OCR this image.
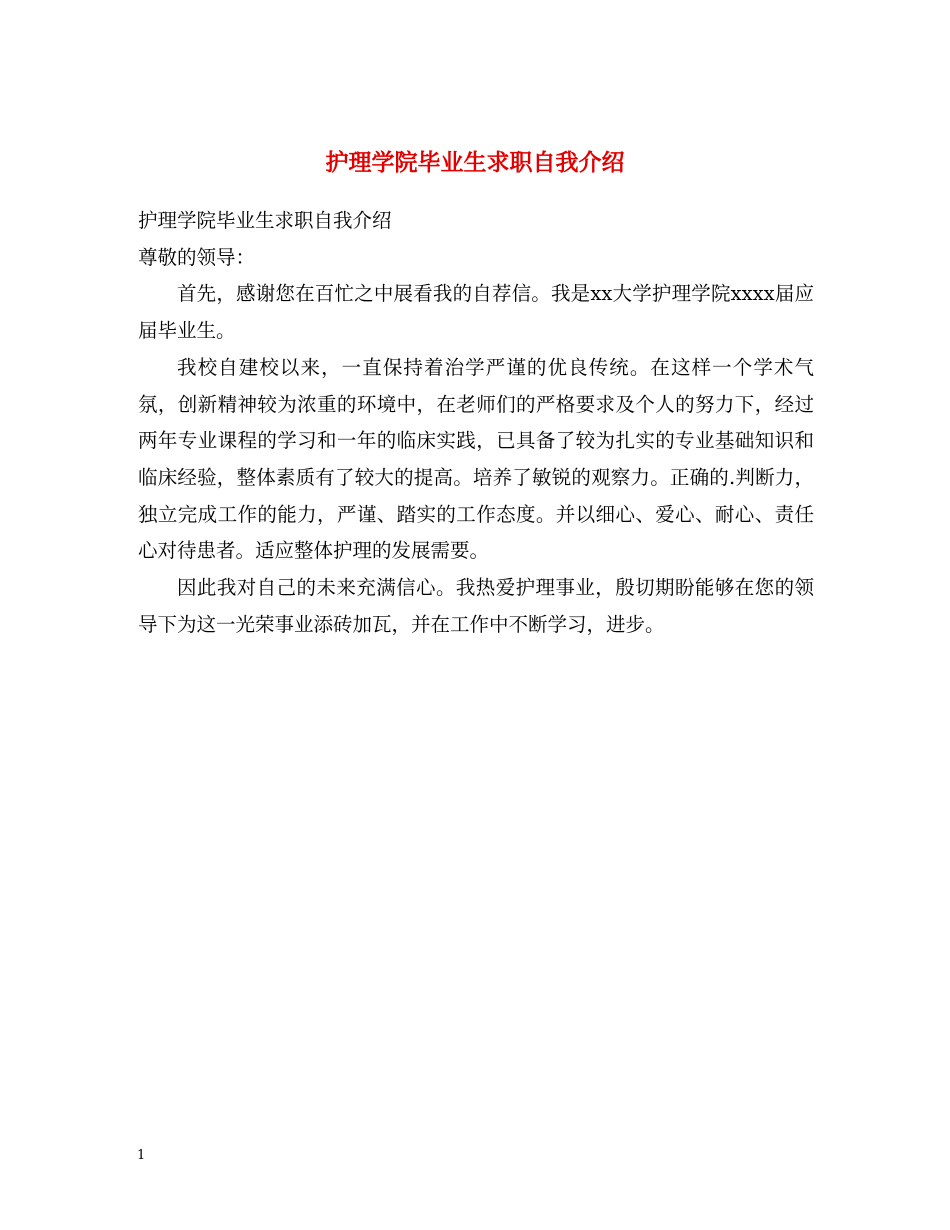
护理学院毕业生求职自我介绍

护理学院毕业生求职自我介绍

尊敬的领导：

首先，感谢您在百忙之中展看我的自荐信。我是xx大学护理学院xxxx届应届毕业生。

我校自建校以来，一直保持着治学严谨的优良传统。在这样一个学术气氛，创新精神较为浓重的环境中，在老师们的严格要求及个人的努力下，经过两年专业课程的学习和一年的临床实践，已具备了较为扎实的专业基础知识和临床经验，整体素质有了较大的提高。培养了敏锐的观察力。正确的.判断力，独立完成工作的能力，严谨、踏实的工作态度。并以细心、爱心、耐心、责任心对待患者。适应整体护理的发展需要。

因此我对自己的未来充满信心。我热爱护理事业，殷切期盼能够在您的领导下为这一光荣事业添砖加瓦，并在工作中不断学习，进步。

1
